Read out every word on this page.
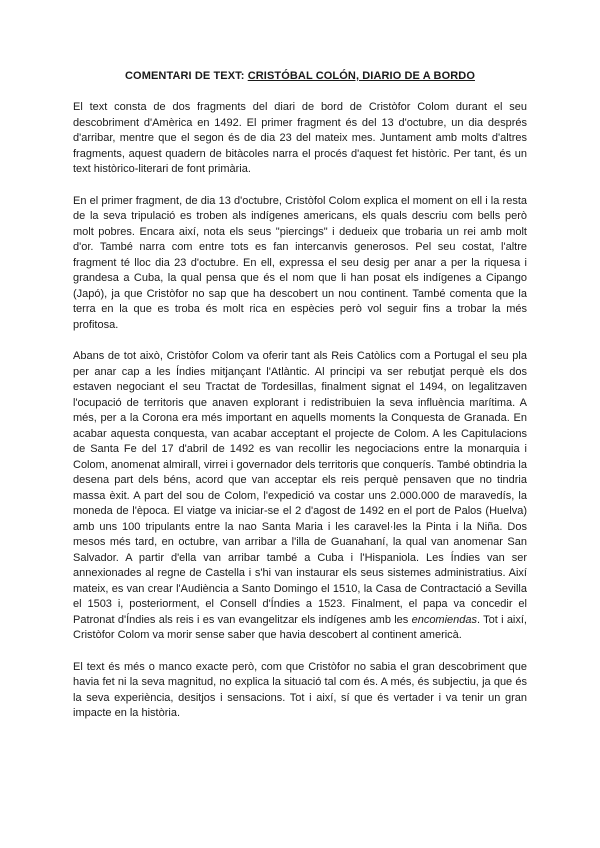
COMENTARI DE TEXT: CRISTÓBAL COLÓN, DIARIO DE A BORDO

El text consta de dos fragments del diari de bord de Cristòfor Colom durant el seu descobriment d'Amèrica en 1492. El primer fragment és del 13 d'octubre, un dia després d'arribar, mentre que el segon és de dia 23 del mateix mes. Juntament amb molts d'altres fragments, aquest quadern de bitàcoles narra el procés d'aquest fet històric. Per tant, és un text històrico-literari de font primària.

En el primer fragment, de dia 13 d'octubre, Cristòfol Colom explica el moment on ell i la resta de la seva tripulació es troben als indígenes americans, els quals descriu com bells però molt pobres. Encara així, nota els seus "piercings" i dedueix que trobaria un rei amb molt d'or. També narra com entre tots es fan intercanvis generosos. Pel seu costat, l'altre fragment té lloc dia 23 d'octubre. En ell, expressa el seu desig per anar a per la riquesa i grandesa a Cuba, la qual pensa que és el nom que li han posat els indígenes a Cipango (Japó), ja que Cristòfor no sap que ha descobert un nou continent. També comenta que la terra en la que es troba és molt rica en espècies però vol seguir fins a trobar la més profitosa.

Abans de tot això, Cristòfor Colom va oferir tant als Reis Catòlics com a Portugal el seu pla per anar cap a les Índies mitjançant l'Atlàntic. Al principi va ser rebutjat perquè els dos estaven negociant el seu Tractat de Tordesillas, finalment signat el 1494, on legalitzaven l'ocupació de territoris que anaven explorant i redistribuien la seva influència marítima. A més, per a la Corona era més important en aquells moments la Conquesta de Granada. En acabar aquesta conquesta, van acabar acceptant el projecte de Colom. A les Capitulacions de Santa Fe del 17 d'abril de 1492 es van recollir les negociacions entre la monarquia i Colom, anomenat almirall, virrei i governador dels territoris que conquerís. També obtindria la desena part dels béns, acord que van acceptar els reis perquè pensaven que no tindria massa èxit. A part del sou de Colom, l'expedició va costar uns 2.000.000 de maravedís, la moneda de l'època. El viatge va iniciar-se el 2 d'agost de 1492 en el port de Palos (Huelva) amb uns 100 tripulants entre la nao Santa Maria i les caravel·les la Pinta i la Niña. Dos mesos més tard, en octubre, van arribar a l'illa de Guanahaní, la qual van anomenar San Salvador. A partir d'ella van arribar també a Cuba i l'Hispaniola. Les Índies van ser annexionades al regne de Castella i s'hi van instaurar els seus sistemes administratius. Així mateix, es van crear l'Audiència a Santo Domingo el 1510, la Casa de Contractació a Sevilla el 1503 i, posteriorment, el Consell d'Índies a 1523. Finalment, el papa va concedir el Patronat d'Índies als reis i es van evangelitzar els indígenes amb les encomiendas. Tot i així, Cristòfor Colom va morir sense saber que havia descobert al continent americà.

El text és més o manco exacte però, com que Cristòfor no sabia el gran descobriment que havia fet ni la seva magnitud, no explica la situació tal com és. A més, és subjectiu, ja que és la seva experiència, desitjos i sensacions. Tot i així, sí que és vertader i va tenir un gran impacte en la història.
